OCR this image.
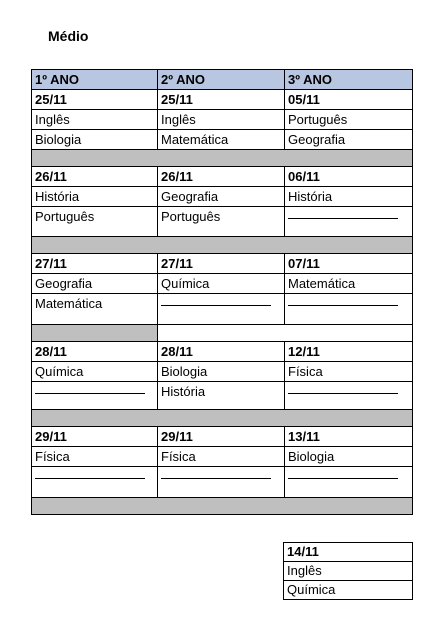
Médio
1º ANO	2º ANO	3º ANO
25/11	25/11	05/11
Inglês	Inglês	Português
Biologia	Matemática	Geografia

26/11	26/11	06/11
História	Geografia	História
Português	Português	

27/11	27/11	07/11
Geografia	Química	Matemática
Matemática	

28/11	28/11	12/11
Química	Biologia	Física

	História	

29/11	29/11	13/11
Física	Física	Biologia

14/11
Inglês
Química
